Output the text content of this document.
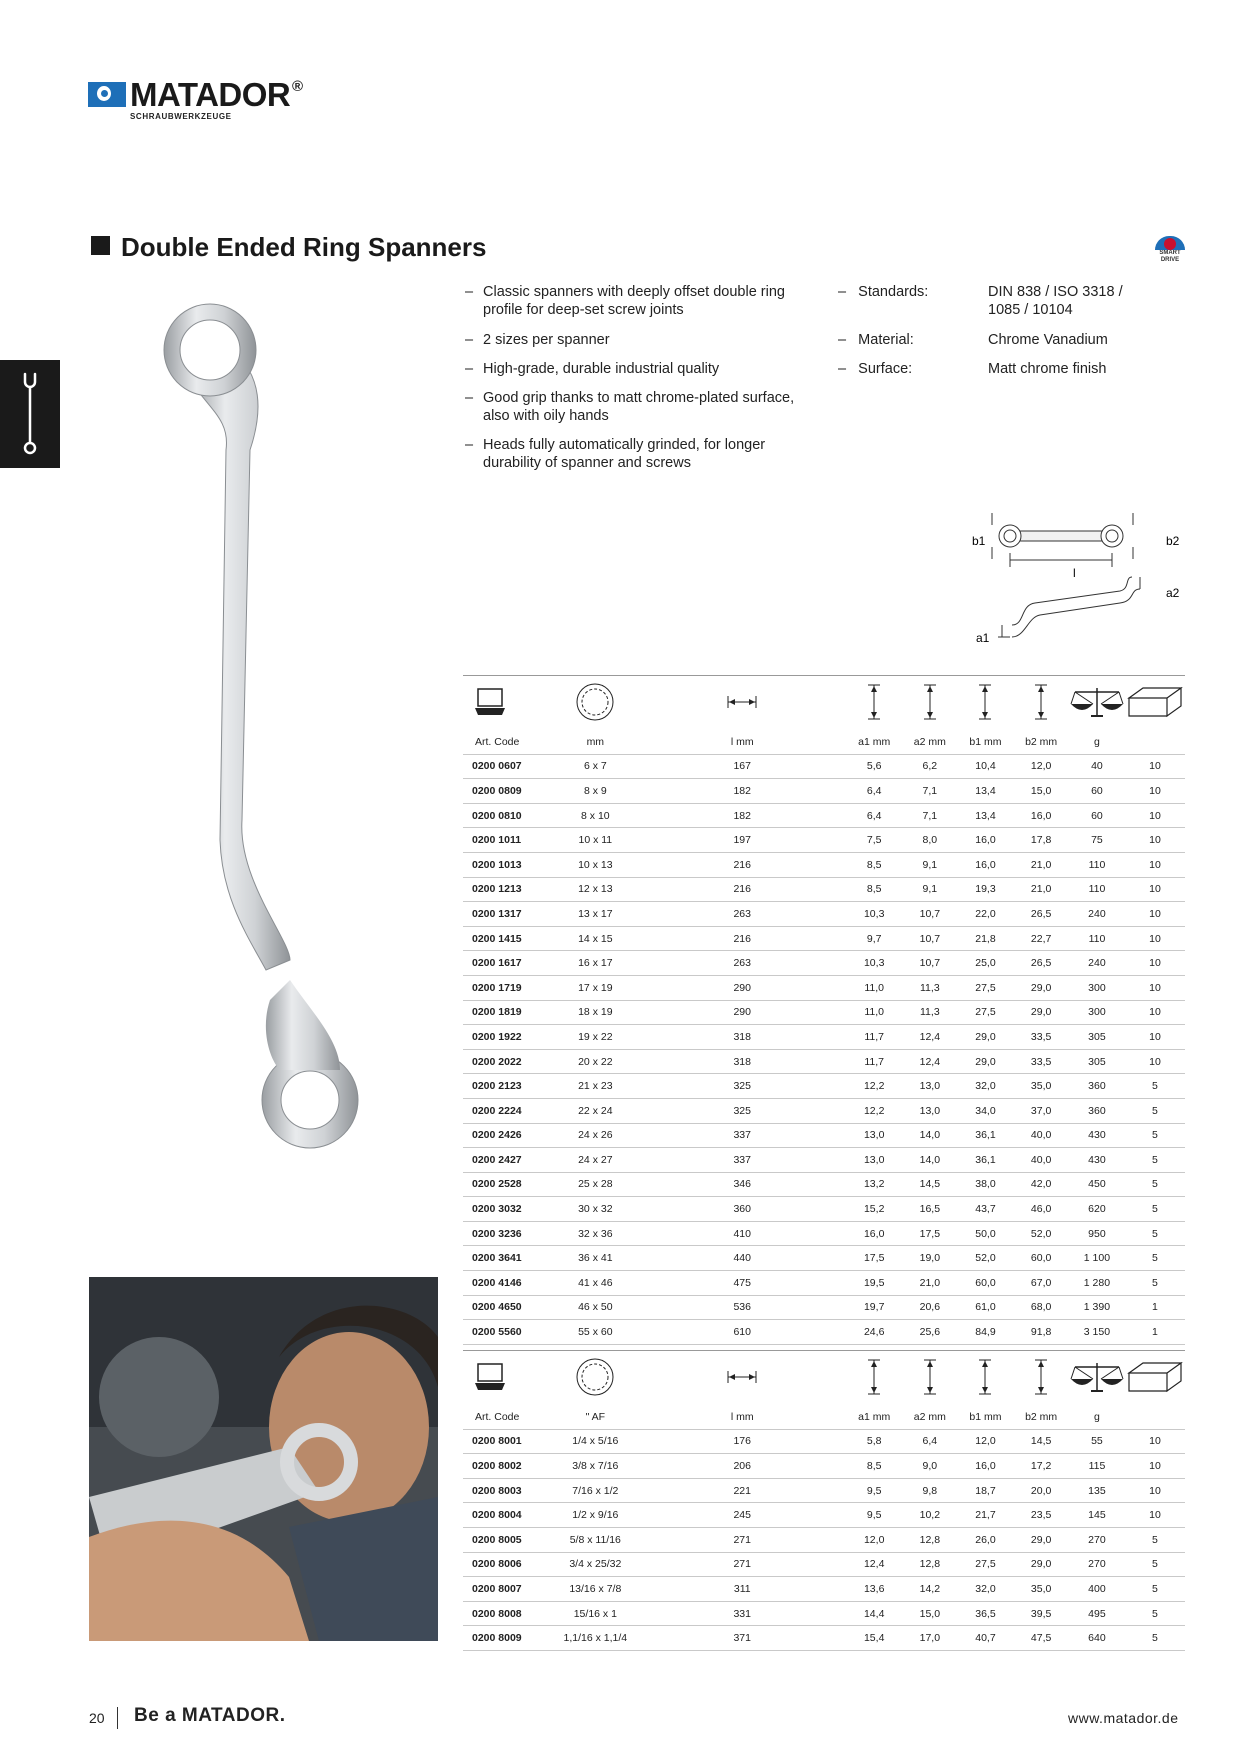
MATADOR ®
SCHRAUBWERKZEUGE
Double Ended Ring Spanners	SMART
DRIVE
– Classic spanners with deeply offset double ring profile for deep-set screw joints
– 2 sizes per spanner
– High-grade, durable industrial quality
– Good grip thanks to matt chrome-plated surface, also with oily hands
– Heads fully automatically grinded, for longer durability of spanner and screws
– Standards:	DIN 838 / ISO 3318 / 1085 / 10104
– Material:	Chrome Vanadium
– Surface:	Matt chrome finish
b1	b2
l
a2
a1

Art. Code	mm	l mm	a1 mm	a2 mm	b1 mm	b2 mm	g	
0200 0607	6 x 7	167	5,6	6,2	10,4	12,0	40	10
0200 0809	8 x 9	182	6,4	7,1	13,4	15,0	60	10
0200 0810	8 x 10	182	6,4	7,1	13,4	16,0	60	10
0200 1011	10 x 11	197	7,5	8,0	16,0	17,8	75	10
0200 1013	10 x 13	216	8,5	9,1	16,0	21,0	110	10
0200 1213	12 x 13	216	8,5	9,1	19,3	21,0	110	10
0200 1317	13 x 17	263	10,3	10,7	22,0	26,5	240	10
0200 1415	14 x 15	216	9,7	10,7	21,8	22,7	110	10
0200 1617	16 x 17	263	10,3	10,7	25,0	26,5	240	10
0200 1719	17 x 19	290	11,0	11,3	27,5	29,0	300	10
0200 1819	18 x 19	290	11,0	11,3	27,5	29,0	300	10
0200 1922	19 x 22	318	11,7	12,4	29,0	33,5	305	10
0200 2022	20 x 22	318	11,7	12,4	29,0	33,5	305	10
0200 2123	21 x 23	325	12,2	13,0	32,0	35,0	360	5
0200 2224	22 x 24	325	12,2	13,0	34,0	37,0	360	5
0200 2426	24 x 26	337	13,0	14,0	36,1	40,0	430	5
0200 2427	24 x 27	337	13,0	14,0	36,1	40,0	430	5
0200 2528	25 x 28	346	13,2	14,5	38,0	42,0	450	5
0200 3032	30 x 32	360	15,2	16,5	43,7	46,0	620	5
0200 3236	32 x 36	410	16,0	17,5	50,0	52,0	950	5
0200 3641	36 x 41	440	17,5	19,0	52,0	60,0	1 100	5
0200 4146	41 x 46	475	19,5	21,0	60,0	67,0	1 280	5
0200 4650	46 x 50	536	19,7	20,6	61,0	68,0	1 390	1
0200 5560	55 x 60	610	24,6	25,6	84,9	91,8	3 150	1

Art. Code	" AF	l mm	a1 mm	a2 mm	b1 mm	b2 mm	g	
0200 8001	1/4 x 5/16	176	5,8	6,4	12,0	14,5	55	10
0200 8002	3/8 x 7/16	206	8,5	9,0	16,0	17,2	115	10
0200 8003	7/16 x 1/2	221	9,5	9,8	18,7	20,0	135	10
0200 8004	1/2 x 9/16	245	9,5	10,2	21,7	23,5	145	10
0200 8005	5/8 x 11/16	271	12,0	12,8	26,0	29,0	270	5
0200 8006	3/4 x 25/32	271	12,4	12,8	27,5	29,0	270	5
0200 8007	13/16 x 7/8	311	13,6	14,2	32,0	35,0	400	5
0200 8008	15/16 x 1	331	14,4	15,0	36,5	39,5	495	5
0200 8009	1,1/16 x 1,1/4	371	15,4	17,0	40,7	47,5	640	5
20 Be a MATADOR.	www.matador.de
